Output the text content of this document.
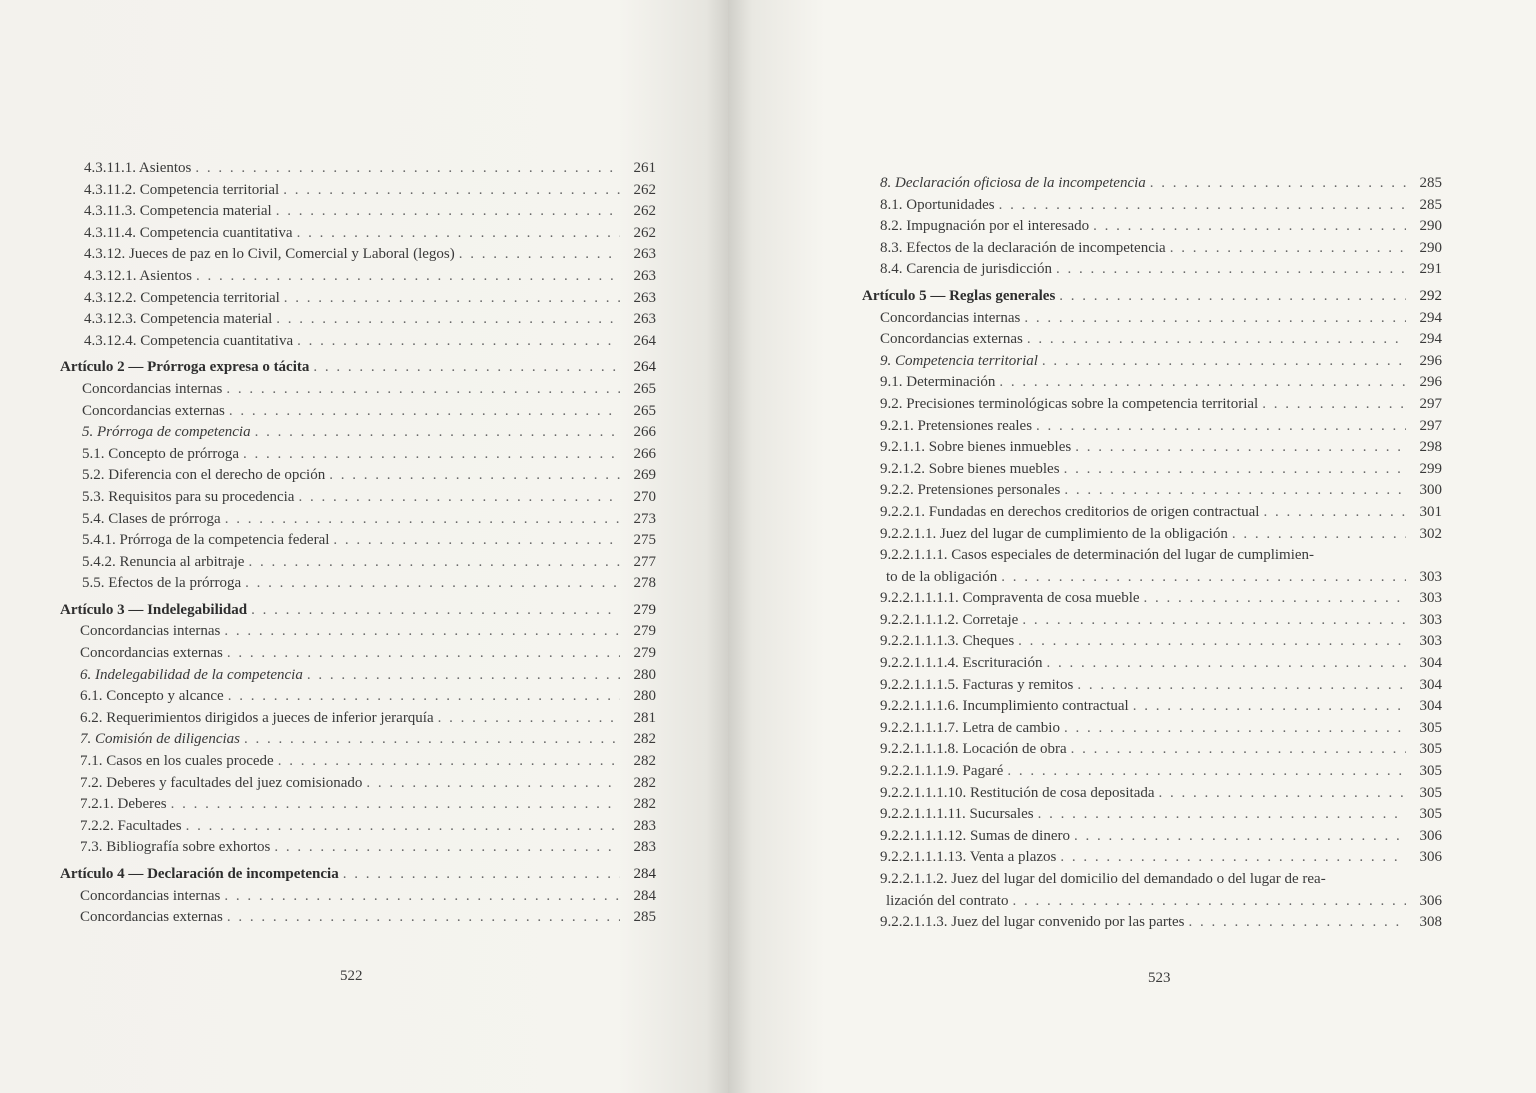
4.3.11.1. Asientos . . .	261
4.3.11.2. Competencia territorial . . .	262
4.3.11.3. Competencia material . . .	262
4.3.11.4. Competencia cuantitativa . . .	262
4.3.12. Jueces de paz en lo Civil, Comercial y Laboral (legos) . . .	263
4.3.12.1. Asientos . . .	263
4.3.12.2. Competencia territorial . . .	263
4.3.12.3. Competencia material . . .	263
4.3.12.4. Competencia cuantitativa . . .	264
Artículo 2 — Prórroga expresa o tácita . . .	264
Concordancias internas . . .	265
Concordancias externas . . .	265
5. Prórroga de competencia . . .	266
5.1. Concepto de prórroga . . .	266
5.2. Diferencia con el derecho de opción . . .	269
5.3. Requisitos para su procedencia . . .	270
5.4. Clases de prórroga . . .	273
5.4.1. Prórroga de la competencia federal . . .	275
5.4.2. Renuncia al arbitraje . . .	277
5.5. Efectos de la prórroga . . .	278
Artículo 3 — Indelegabilidad . . .	279
Concordancias internas . . .	279
Concordancias externas . . .	279
6. Indelegabilidad de la competencia . . .	280
6.1. Concepto y alcance . . .	280
6.2. Requerimientos dirigidos a jueces de inferior jerarquía . . .	281
7. Comisión de diligencias . . .	282
7.1. Casos en los cuales procede . . .	282
7.2. Deberes y facultades del juez comisionado . . .	282
7.2.1. Deberes . . .	282
7.2.2. Facultades . . .	283
7.3. Bibliografía sobre exhortos . . .	283
Artículo 4 — Declaración de incompetencia . . .	284
Concordancias internas . . .	284
Concordancias externas . . .	285
522
8. Declaración oficiosa de la incompetencia . . .	285
8.1. Oportunidades . . .	285
8.2. Impugnación por el interesado . . .	290
8.3. Efectos de la declaración de incompetencia . . .	290
8.4. Carencia de jurisdicción . . .	291
Artículo 5 — Reglas generales . . .	292
Concordancias internas . . .	294
Concordancias externas . . .	294
9. Competencia territorial . . .	296
9.1. Determinación . . .	296
9.2. Precisiones terminológicas sobre la competencia territorial . . .	297
9.2.1. Pretensiones reales . . .	297
9.2.1.1. Sobre bienes inmuebles . . .	298
9.2.1.2. Sobre bienes muebles . . .	299
9.2.2. Pretensiones personales . . .	300
9.2.2.1. Fundadas en derechos creditorios de origen contractual . . .	301
9.2.2.1.1. Juez del lugar de cumplimiento de la obligación . . .	302
9.2.2.1.1.1. Casos especiales de determinación del lugar de cumplimien-
to de la obligación . . .	303
9.2.2.1.1.1.1. Compraventa de cosa mueble . . .	303
9.2.2.1.1.1.2. Corretaje . . .	303
9.2.2.1.1.1.3. Cheques . . .	303
9.2.2.1.1.1.4. Escrituración . . .	304
9.2.2.1.1.1.5. Facturas y remitos . . .	304
9.2.2.1.1.1.6. Incumplimiento contractual . . .	304
9.2.2.1.1.1.7. Letra de cambio . . .	305
9.2.2.1.1.1.8. Locación de obra . . .	305
9.2.2.1.1.1.9. Pagaré . . .	305
9.2.2.1.1.1.10. Restitución de cosa depositada . . .	305
9.2.2.1.1.1.11. Sucursales . . .	305
9.2.2.1.1.1.12. Sumas de dinero . . .	306
9.2.2.1.1.1.13. Venta a plazos . . .	306
9.2.2.1.1.2. Juez del lugar del domicilio del demandado o del lugar de rea-
lización del contrato . . .	306
9.2.2.1.1.3. Juez del lugar convenido por las partes . . .	308
523
